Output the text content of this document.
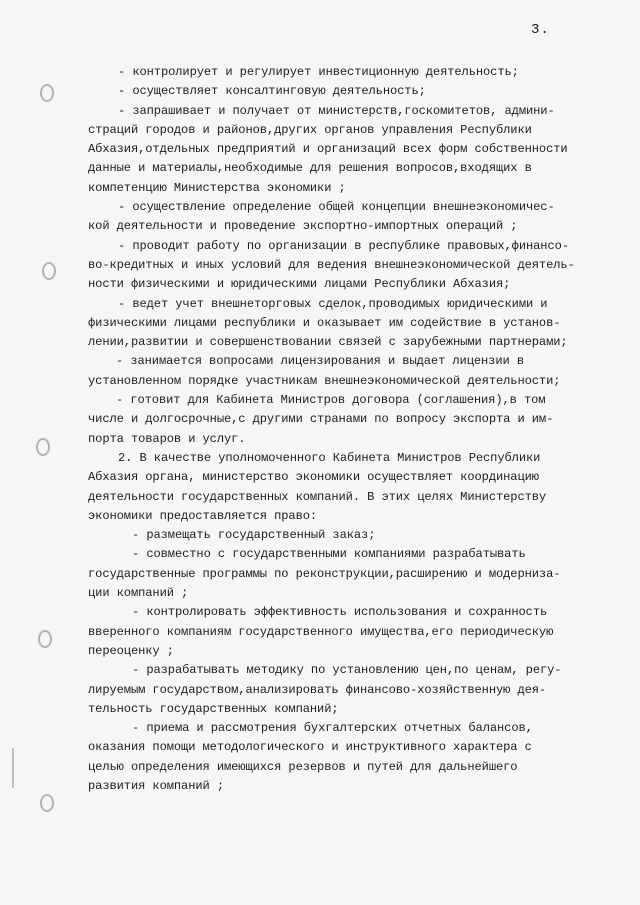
3.
- контролирует и регулирует инвестиционную деятельность;
- осуществляет консалтинговую деятельность;
- запрашивает и получает от министерств,госкомитетов, админи-
страций городов и районов,других органов управления Республики
Абхазия,отдельных предприятий и организаций всех форм собственности
данные и материалы,необходимые для решения вопросов,входящих в
компетенцию Министерства экономики ;
- осуществление определение общей концепции внешнеэкономичес-
кой деятельности и проведение экспортно-импортных операций ;
- проводит работу по организации в республике правовых,финансо-
во-кредитных и иных условий для ведения внешнеэкономической деятель-
ности физическими и юридическими лицами Республики Абхазия;
- ведет учет внешнеторговых сделок,проводимых юридическими и
физическими лицами республики и оказывает им содействие в установ-
лении,развитии и совершенствовании связей с зарубежными партнерами;
- занимается вопросами лицензирования и выдает лицензии в
установленном порядке участникам внешнеэкономической деятельности;
- готовит для Кабинета Министров договора (соглашения),в том
числе и долгосрочные,с другими странами по вопросу экспорта и им-
порта товаров и услуг.
2. В качестве уполномоченного Кабинета Министров Республики
Абхазия органа, министерство экономики осуществляет координацию
деятельности государственных компаний. В этих целях Министерству
экономики предоставляется право:
- размещать государственный заказ;
- совместно с государственными компаниями разрабатывать
государственные программы по реконструкции,расширению и модерниза-
ции компаний ;
- контролировать эффективность использования и сохранность
вверенного компаниям государственного имущества,его периодическую
переоценку ;
- разрабатывать методику по установлению цен,по ценам, регу-
лируемым государством,анализировать финансово-хозяйственную дея-
тельность государственных компаний;
- приема и рассмотрения бухгалтерских отчетных балансов,
оказания помощи методологического и инструктивного характера с
целью определения имеющихся резервов и путей для дальнейшего
развития компаний ;
